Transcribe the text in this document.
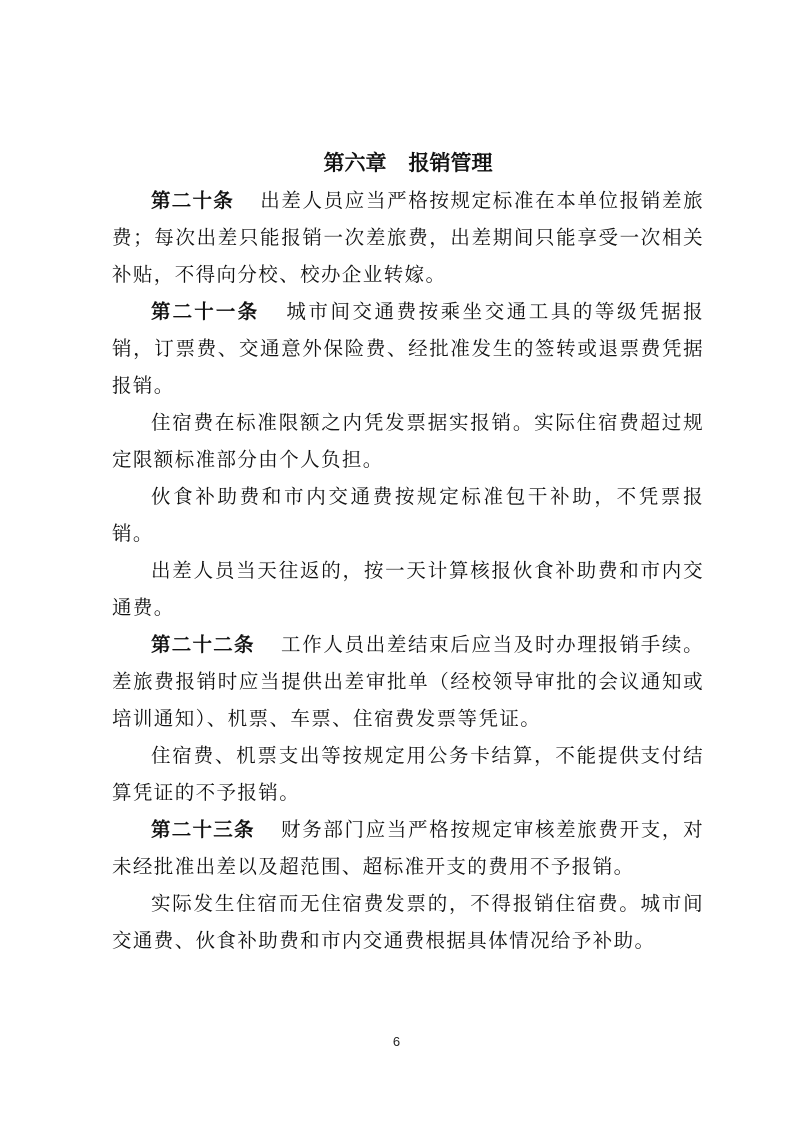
第六章 报销管理

第二十条 出差人员应当严格按规定标准在本单位报销差旅费；每次出差只能报销一次差旅费，出差期间只能享受一次相关补贴，不得向分校、校办企业转嫁。

第二十一条 城市间交通费按乘坐交通工具的等级凭据报销，订票费、交通意外保险费、经批准发生的签转或退票费凭据报销。

住宿费在标准限额之内凭发票据实报销。实际住宿费超过规定限额标准部分由个人负担。

伙食补助费和市内交通费按规定标准包干补助，不凭票报销。

出差人员当天往返的，按一天计算核报伙食补助费和市内交通费。

第二十二条 工作人员出差结束后应当及时办理报销手续。差旅费报销时应当提供出差审批单（经校领导审批的会议通知或培训通知）、机票、车票、住宿费发票等凭证。

住宿费、机票支出等按规定用公务卡结算，不能提供支付结算凭证的不予报销。

第二十三条 财务部门应当严格按规定审核差旅费开支，对未经批准出差以及超范围、超标准开支的费用不予报销。

实际发生住宿而无住宿费发票的，不得报销住宿费。城市间交通费、伙食补助费和市内交通费根据具体情况给予补助。

6
